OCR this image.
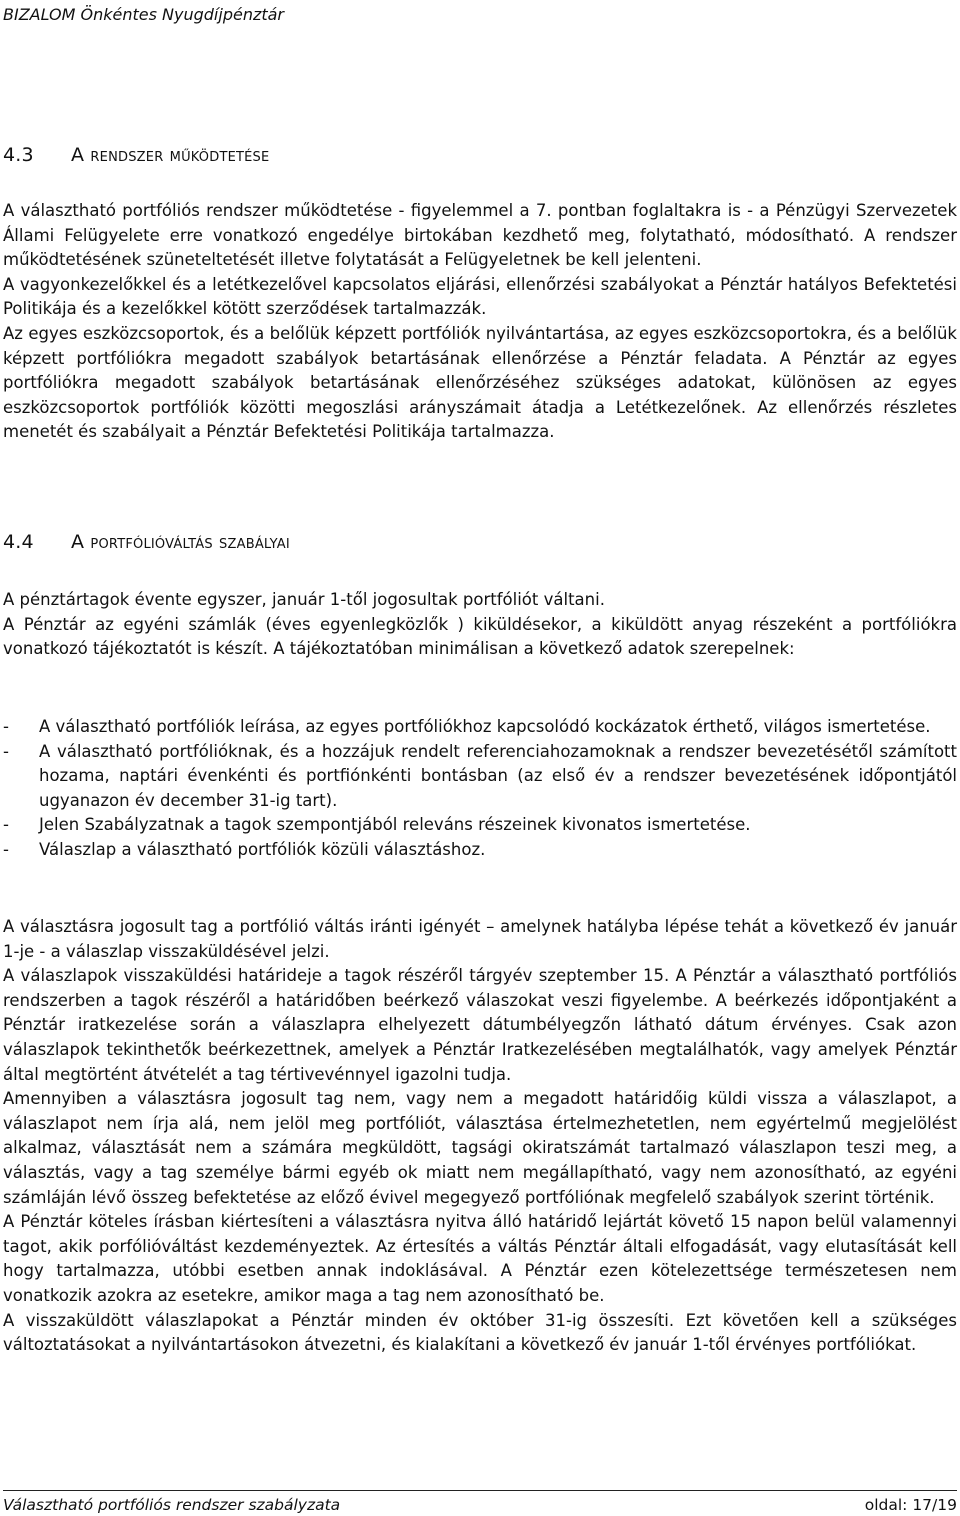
BIZALOM Önkéntes Nyugdíjpénztár
4.3 A rendszer működtetése

A választható portfóliós rendszer működtetése - figyelemmel a 7. pontban foglaltakra is - a Pénzügyi Szervezetek Állami Felügyelete erre vonatkozó engedélye birtokában kezdhető meg, folytatható, módosítható. A rendszer működtetésének szüneteltetését illetve folytatását a Felügyeletnek be kell jelenteni.

A vagyonkezelőkkel és a letétkezelővel kapcsolatos eljárási, ellenőrzési szabályokat a Pénztár hatályos Befektetési Politikája és a kezelőkkel kötött szerződések tartalmazzák.

Az egyes eszközcsoportok, és a belőlük képzett portfóliók nyilvántartása, az egyes eszközcsoportokra, és a belőlük képzett portfóliókra megadott szabályok betartásának ellenőrzése a Pénztár feladata. A Pénztár az egyes portfóliókra megadott szabályok betartásának ellenőrzéséhez szükséges adatokat, különösen az egyes eszközcsoportok portfóliók közötti megoszlási arányszámait átadja a Letétkezelőnek. Az ellenőrzés részletes menetét és szabályait a Pénztár Befektetési Politikája tartalmazza.

4.4 A portfólióváltás szabályai

A pénztártagok évente egyszer, január 1-től jogosultak portfóliót váltani.

A Pénztár az egyéni számlák (éves egyenlegközlők ) kiküldésekor, a kiküldött anyag részeként a portfóliókra vonatkozó tájékoztatót is készít. A tájékoztatóban minimálisan a következő adatok szerepelnek:

- A választható portfóliók leírása, az egyes portfóliókhoz kapcsolódó kockázatok érthető, világos ismertetése.
- A választható portfólióknak, és a hozzájuk rendelt referenciahozamoknak a rendszer bevezetésétől számított hozama, naptári évenkénti és portfiónkénti bontásban (az első év a rendszer bevezetésének időpontjától ugyanazon év december 31-ig tart).
- Jelen Szabályzatnak a tagok szempontjából releváns részeinek kivonatos ismertetése.
- Válaszlap a választható portfóliók közüli választáshoz.

A választásra jogosult tag a portfólió váltás iránti igényét – amelynek hatályba lépése tehát a következő év január 1-je - a válaszlap visszaküldésével jelzi.

A válaszlapok visszaküldési határideje a tagok részéről tárgyév szeptember 15. A Pénztár a választható portfóliós rendszerben a tagok részéről a határidőben beérkező válaszokat veszi figyelembe. A beérkezés időpontjaként a Pénztár iratkezelése során a válaszlapra elhelyezett dátumbélyegzőn látható dátum érvényes. Csak azon válaszlapok tekinthetők beérkezettnek, amelyek a Pénztár Iratkezelésében megtalálhatók, vagy amelyek Pénztár által megtörtént átvételét a tag tértivevénnyel igazolni tudja.

Amennyiben a választásra jogosult tag nem, vagy nem a megadott határidőig küldi vissza a válaszlapot, a válaszlapot nem írja alá, nem jelöl meg portfóliót, választása értelmezhetetlen, nem egyértelmű megjelölést alkalmaz, választását nem a számára megküldött, tagsági okiratszámát tartalmazó válaszlapon teszi meg, a választás, vagy a tag személye bármi egyéb ok miatt nem megállapítható, vagy nem azonosítható, az egyéni számláján lévő összeg befektetése az előző évivel megegyező portfóliónak megfelelő szabályok szerint történik.

A Pénztár köteles írásban kiértesíteni a választásra nyitva álló határidő lejártát követő 15 napon belül valamennyi tagot, akik porfólióváltást kezdeményeztek. Az értesítés a váltás Pénztár általi elfogadását, vagy elutasítását kell hogy tartalmazza, utóbbi esetben annak indoklásával. A Pénztár ezen kötelezettsége természetesen nem vonatkozik azokra az esetekre, amikor maga a tag nem azonosítható be.

A visszaküldött válaszlapokat a Pénztár minden év október 31-ig összesíti. Ezt követően kell a szükséges változtatásokat a nyilvántartásokon átvezetni, és kialakítani a következő év január 1-től érvényes portfóliókat.

Választható portfóliós rendszer szabályzata	oldal: 17/19
